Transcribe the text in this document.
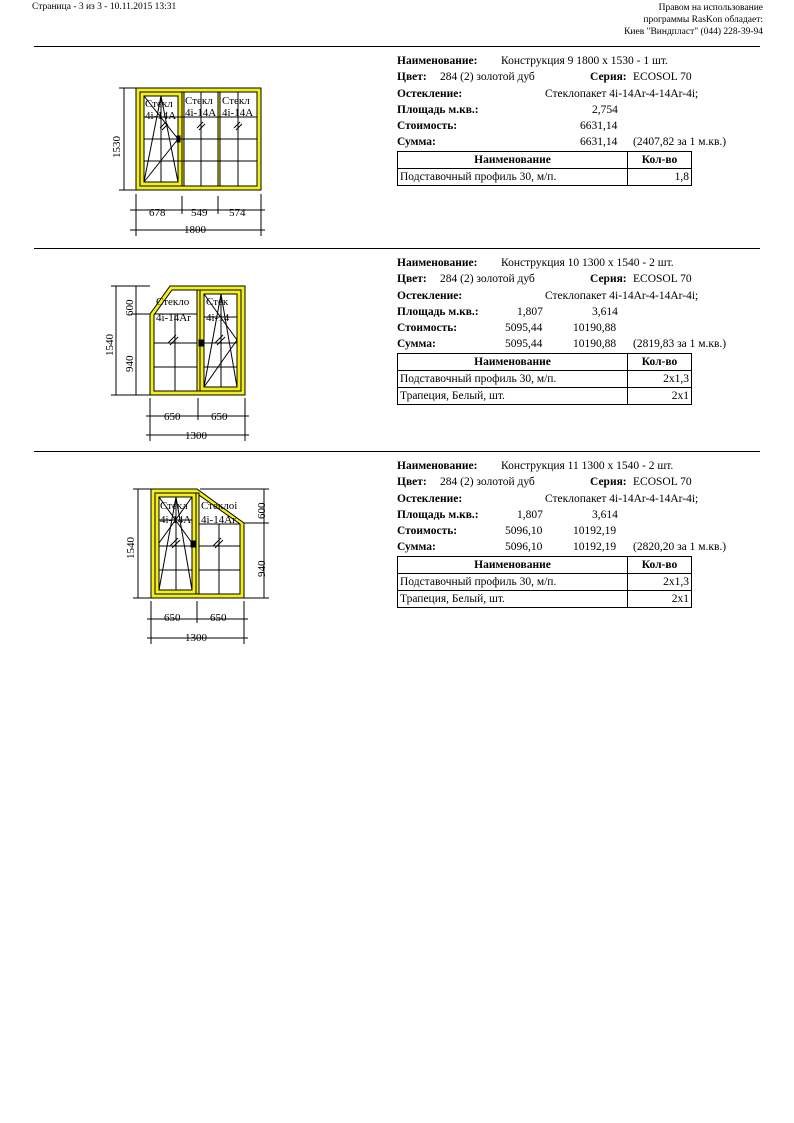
Страница - 3 из 3 - 10.11.2015 13:31	Правом на использование
программы RasKon обладает:
Киев "Виндпласт" (044) 228-39-94
Стекл
4i-14A
Стекл
4i-14A
Стекл
4i-14A
678 549 574
1800
1530
Наименование: Конструкция 9 1800 x 1530 - 1 шт.
Цвет: 284 (2) золотой дуб	Серия: ECOSOL 70
Остекление:	Стеклопакет 4i-14Ar-4-14Ar-4i;
Площадь м.кв.:	2,754
Стоимость:	6631,14
Сумма:	6631,14 (2407,82 за 1 м.кв.)
Наименование	Кол-во
Подставочный профиль 30, м/п.	1,8
Стекло
4i-14Ar
Стек
4i-14
650	650
1300
1540
600
940
Наименование: Конструкция 10 1300 x 1540 - 2 шт.
Цвет: 284 (2) золотой дуб	Серия: ECOSOL 70
Остекление:	Стеклопакет 4i-14Ar-4-14Ar-4i;
Площадь м.кв.:	1,807	3,614
Стоимость:	5095,44	10190,88
Сумма:	5095,44	10190,88 (2819,83 за 1 м.кв.)
Наименование	Кол-во
Подставочный профиль 30, м/п.	2x1,3
Трапеция, Белый, шт.	2x1
Стекл
4i-14A
Стеклоі
4i-14Ar
650	650
1300
1540
600
940
Наименование: Конструкция 11 1300 x 1540 - 2 шт.
Цвет: 284 (2) золотой дуб	Серия: ECOSOL 70
Остекление:	Стеклопакет 4i-14Ar-4-14Ar-4i;
Площадь м.кв.:	1,807	3,614
Стоимость:	5096,10	10192,19
Сумма:	5096,10	10192,19 (2820,20 за 1 м.кв.)
Наименование	Кол-во
Подставочный профиль 30, м/п.	2x1,3
Трапеция, Белый, шт.	2x1
